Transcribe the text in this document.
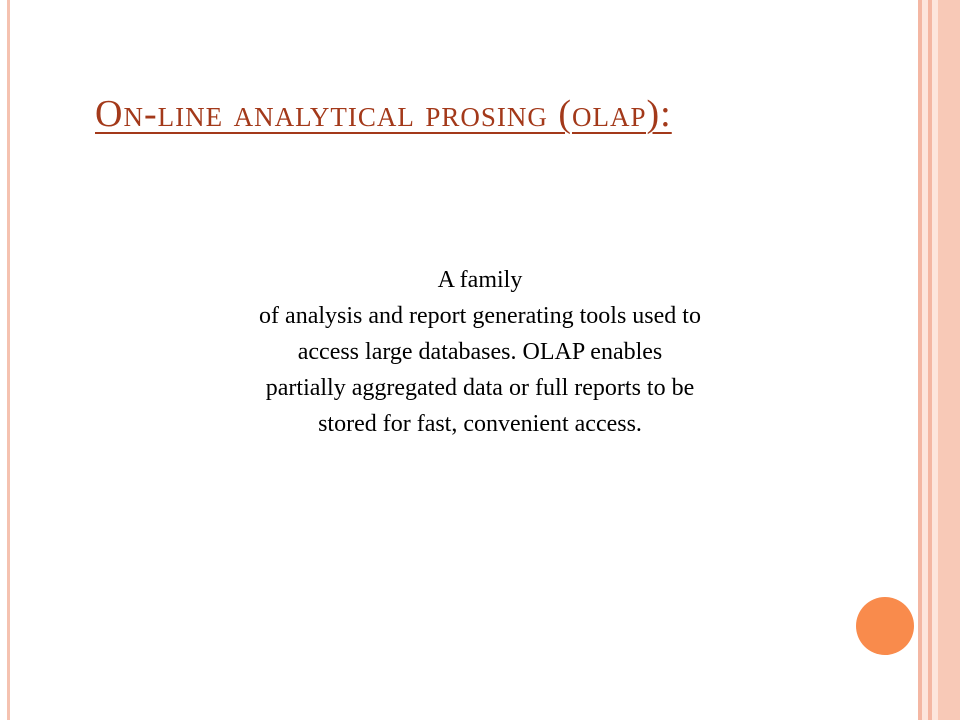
On-line analytical prosing (olap):
A family
of analysis and report generating tools used to
access large databases. OLAP enables
partially aggregated data or full reports to be
stored for fast, convenient access.
